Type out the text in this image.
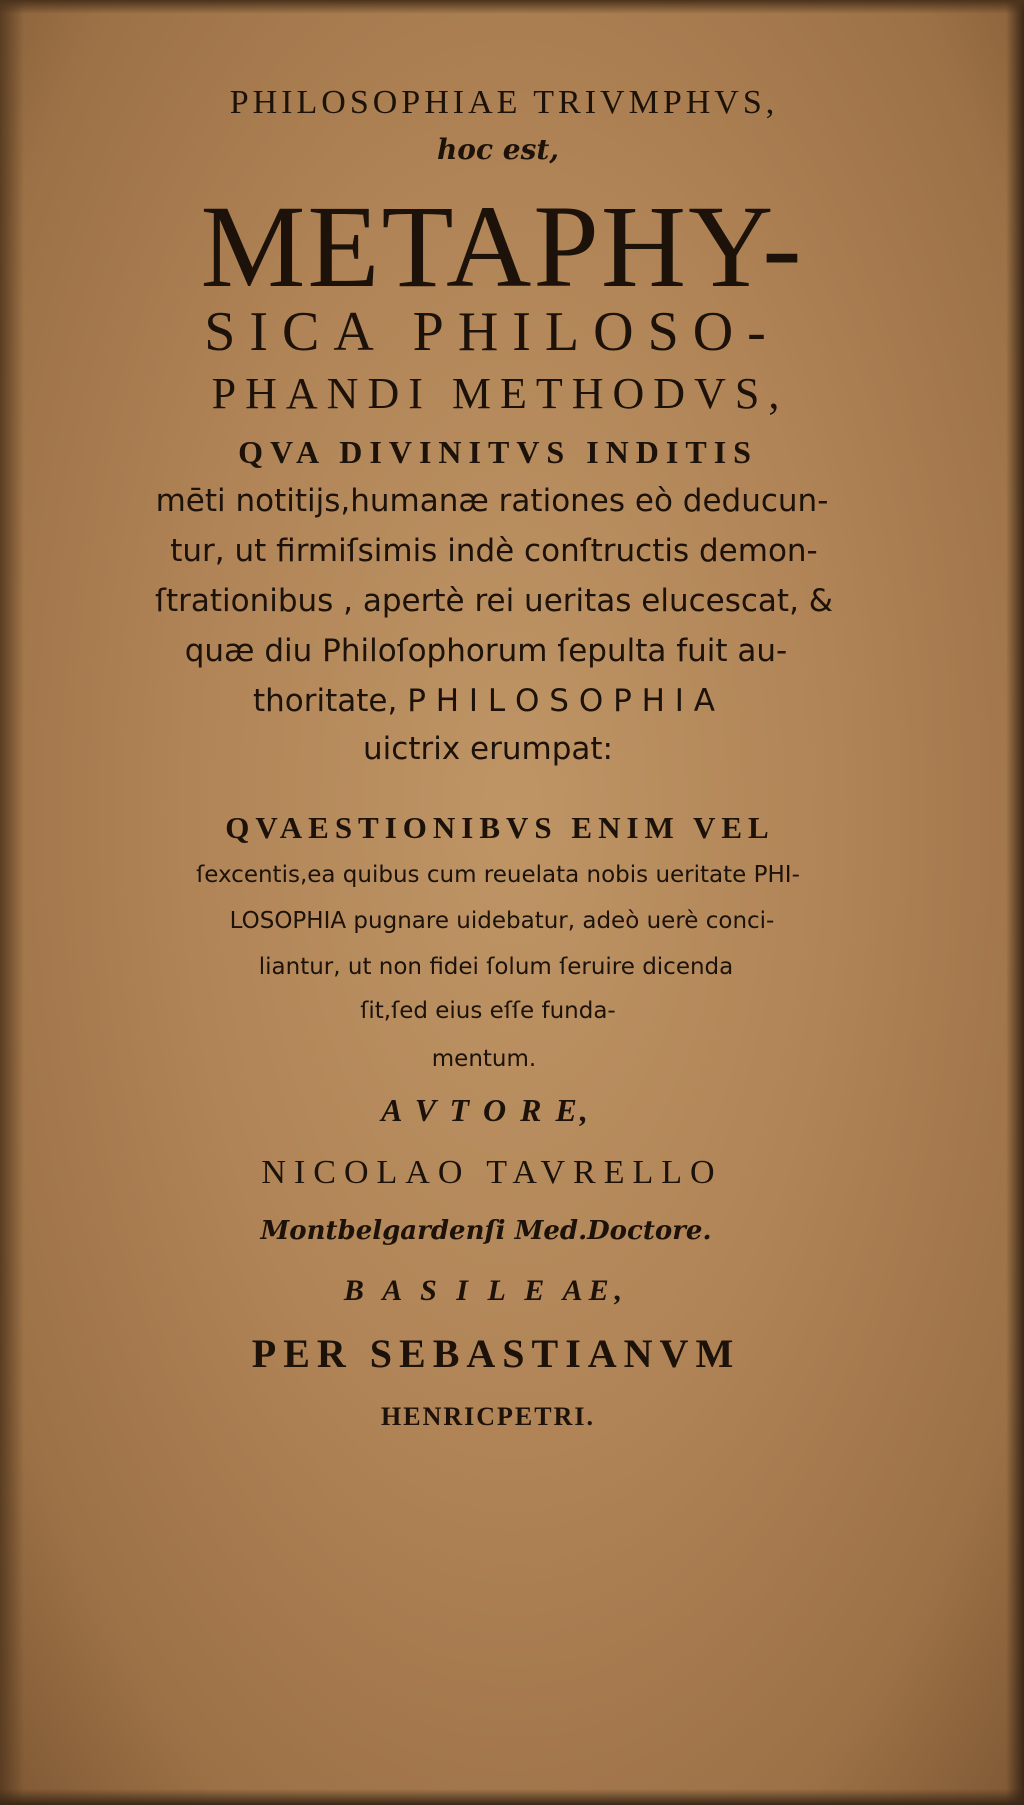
PHILOSOPHIAE TRIVMPHVS,
hoc est,
METAPHY-
SICA PHILOSO-
PHANDI METHODVS,
QVA DIVINITVS INDITIS
mēti notitijs,humanæ rationes eò deducun-
tur, ut firmiſsimis indè conſtructis demon-
ſtrationibus , apertè rei ueritas elucescat, &
quæ diu Philoſophorum ſepulta fuit au-
thoritate, P H I L O S O P H I A
uictrix erumpat:
QVAESTIONIBVS ENIM VEL
ſexcentis,ea quibus cum reuelata nobis ueritate PHI-
LOSOPHIA pugnare uidebatur, adeò uerè conci-
liantur, ut non fidei ſolum ſeruire dicenda
ſit,ſed eius eſſe funda-
mentum.
A V T O R E,
NICOLAO TAVRELLO
Montbelgardenſi Med.Doctore.
B A S I L E AE,
PER SEBASTIANVM
HENRICPETRI.
